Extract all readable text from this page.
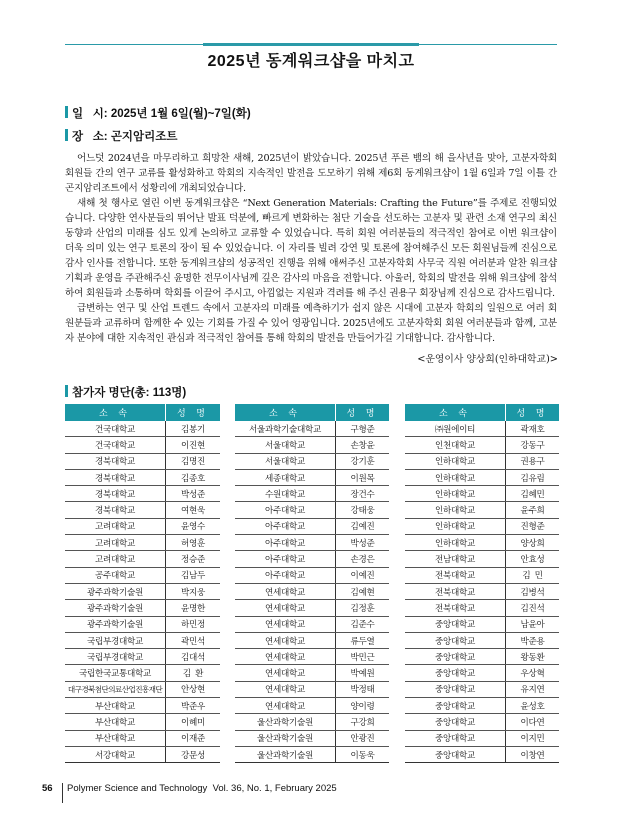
2025년 동계워크샵을 마치고
일   시: 2025년 1월 6일(월)~7일(화)
장   소: 곤지암리조트

어느덧 2024년을 마무리하고 희망찬 새해, 2025년이 밝았습니다. 2025년 푸른 뱀의 해 을사년을 맞아, 고분자학회 회원들 간의 연구 교류를 활성화하고 학회의 지속적인 발전을 도모하기 위해 제6회 동계워크샵이 1월 6일과 7일 이틀 간 곤지암리조트에서 성황리에 개최되었습니다.

새해 첫 행사로 열린 이번 동계워크샵은 “Next Generation Materials: Crafting the Future”를 주제로 진행되었습니다. 다양한 연사분들의 뛰어난 발표 덕분에, 빠르게 변화하는 첨단 기술을 선도하는 고분자 및 관련 소재 연구의 최신 동향과 산업의 미래를 심도 있게 논의하고 교류할 수 있었습니다. 특히 회원 여러분들의 적극적인 참여로 이번 워크샵이 더욱 의미 있는 연구 토론의 장이 될 수 있었습니다. 이 자리를 빌려 강연 및 토론에 참여해주신 모든 회원님들께 진심으로 감사 인사를 전합니다. 또한 동계워크샵의 성공적인 진행을 위해 애써주신 고분자학회 사무국 직원 여러분과 알찬 워크샵 기획과 운영을 주관해주신 윤명한 전무이사님께 깊은 감사의 마음을 전합니다. 아울러, 학회의 발전을 위해 워크샵에 참석하여 회원들과 소통하며 학회를 이끌어 주시고, 아낌없는 지원과 격려를 해 주신 권용구 회장님께 진심으로 감사드립니다.

급변하는 연구 및 산업 트렌드 속에서 고분자의 미래를 예측하기가 쉽지 않은 시대에 고분자 학회의 일원으로 여러 회원분들과 교류하며 함께한 수 있는 기회를 가질 수 있어 영광입니다. 2025년에도 고분자학회 회원 여러분들과 함께, 고분자 분야에 대한 지속적인 관심과 적극적인 참여를 통해 학회의 발전을 만들어가길 기대합니다. 감사합니다.

<운영이사 양상희(인하대학교)>
참가자 명단(총: 113명)
소 속	성 명
건국대학교	김봉기
건국대학교	이진현
경북대학교	김명진
경북대학교	김종호
경북대학교	박성준
경북대학교	여현욱
고려대학교	윤영수
고려대학교	허영훈
고려대학교	정승준
공주대학교	김남두
광주과학기술원	박지웅
광주과학기술원	윤명한
광주과학기술원	하민정
국립부경대학교	곽민석
국립부경대학교	김대석
국립한국교통대학교	김  환
대구경북첨단의료산업진흥재단	안상현
부산대학교	박준우
부산대학교	이혜미
부산대학교	이재준
서강대학교	강문성
소 속	성 명
서울과학기술대학교	구형준
서울대학교	손창윤
서울대학교	강기훈
세종대학교	이원목
수원대학교	장건수
아주대학교	강태웅
아주대학교	김예진
아주대학교	박성준
아주대학교	손경은
아주대학교	이예진
연세대학교	김예현
연세대학교	김정훈
연세대학교	김준수
연세대학교	류두열
연세대학교	박민근
연세대학교	박예원
연세대학교	박정태
연세대학교	양이령
울산과학기술원	구강희
울산과학기술원	안광진
울산과학기술원	이동욱
소 속	성 명
㈜원에이티	곽재호
인천대학교	강동구
인하대학교	권용구
인하대학교	김유림
인하대학교	김혜민
인하대학교	윤주희
인하대학교	진형준
인하대학교	양상희
전남대학교	안효성
전북대학교	김  민
전북대학교	김병석
전북대학교	김진석
중앙대학교	남윤아
중앙대학교	박준용
중앙대학교	왕동환
중앙대학교	우상혁
중앙대학교	유지연
중앙대학교	윤성호
중앙대학교	이다연
중앙대학교	이지민
중앙대학교	이창연
56 Polymer Science and Technology  Vol. 36, No. 1, February 2025
